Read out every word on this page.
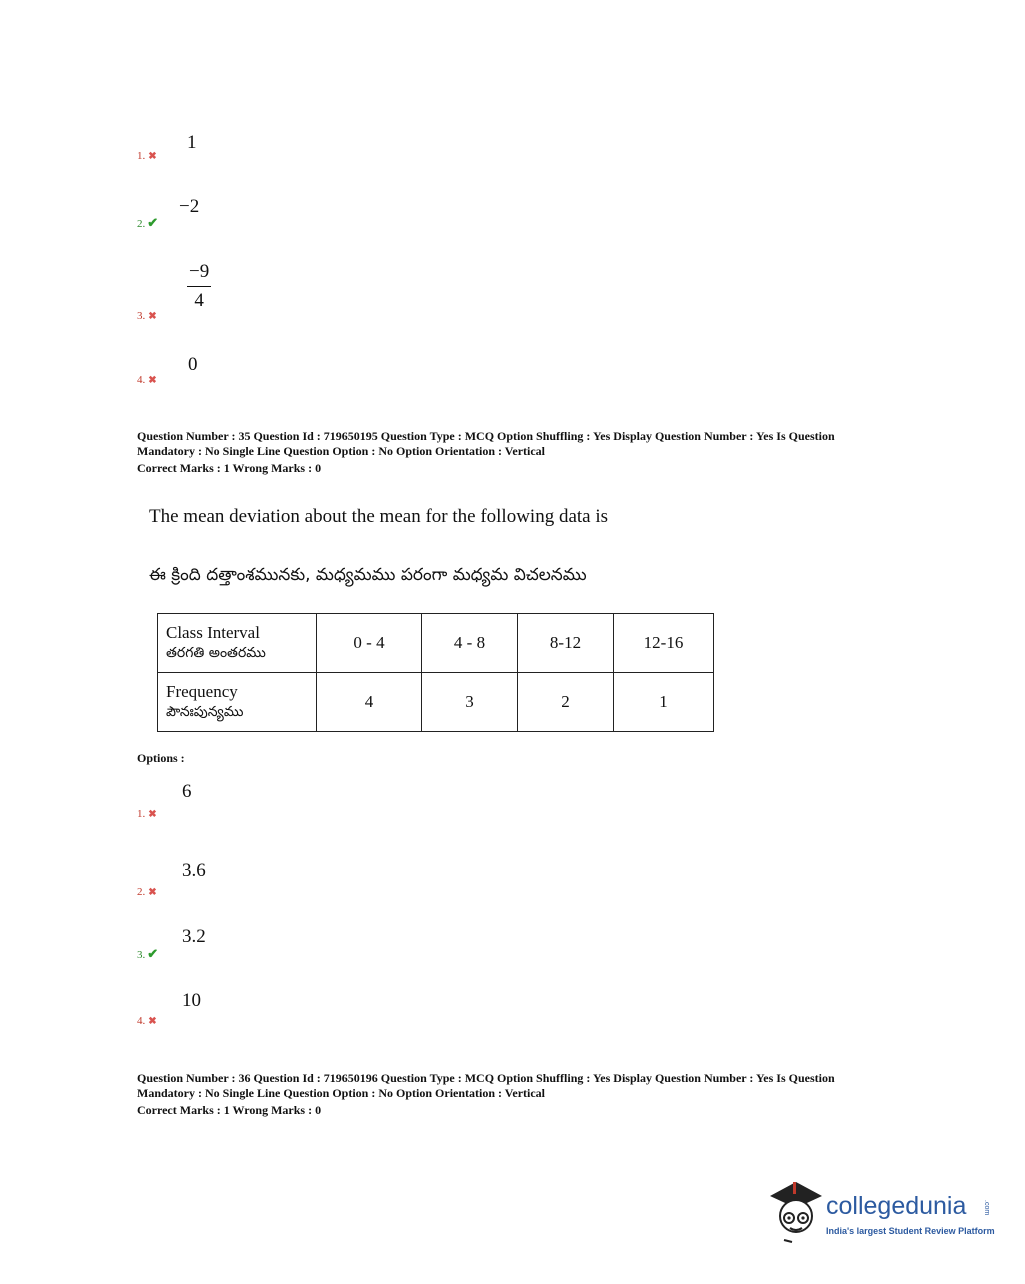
1
1. ✖
−2
2. ✔
$\frac{-9}{4}$
3. ✖
0
4. ✖
Question Number : 35 Question Id : 719650195 Question Type : MCQ Option Shuffling : Yes Display Question Number : Yes Is Question
Mandatory : No Single Line Question Option : No Option Orientation : Vertical
Correct Marks : 1 Wrong Marks : 0
The mean deviation about the mean for the following data is
ఈ క్రింది దత్తాంశమునకు, మధ్యమము పరంగా మధ్యమ విచలనము
Class Interval
తరగతి అంతరము	0 - 4	4 - 8	8-12	12-16

Frequency
పౌనఃపున్యము	4	3	2	1
Options :
6
1. ✖
3.6
2. ✖
3.2
3. ✔
10
4. ✖
Question Number : 36 Question Id : 719650196 Question Type : MCQ Option Shuffling : Yes Display Question Number : Yes Is Question
Mandatory : No Single Line Question Option : No Option Orientation : Vertical
Correct Marks : 1 Wrong Marks : 0
collegedunia .com
India's largest Student Review Platform
